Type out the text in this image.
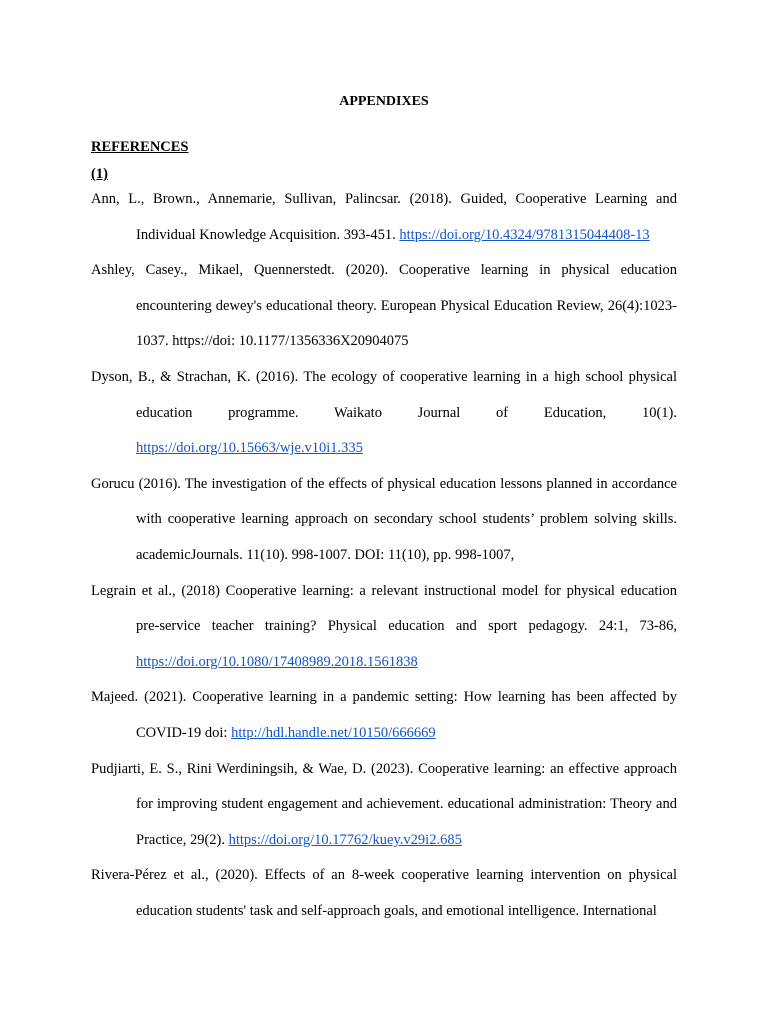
APPENDIXES
REFERENCES
(1)

Ann, L., Brown., Annemarie, Sullivan, Palincsar. (2018). Guided, Cooperative Learning and Individual Knowledge Acquisition. 393-451. https://doi.org/10.4324/9781315044408-13

Ashley, Casey., Mikael, Quennerstedt. (2020). Cooperative learning in physical education encountering dewey's educational theory. European Physical Education Review, 26(4):1023-1037. https://doi: 10.1177/1356336X20904075

Dyson, B., & Strachan, K. (2016). The ecology of cooperative learning in a high school physical education programme. Waikato Journal of Education, 10(1). https://doi.org/10.15663/wje.v10i1.335

Gorucu (2016). The investigation of the effects of physical education lessons planned in accordance with cooperative learning approach on secondary school students’ problem solving skills. academicJournals. 11(10). 998-1007. DOI: 11(10), pp. 998-1007,

Legrain et al., (2018) Cooperative learning: a relevant instructional model for physical education pre-service teacher training? Physical education and sport pedagogy. 24:1, 73-86, https://doi.org/10.1080/17408989.2018.1561838

Majeed. (2021). Cooperative learning in a pandemic setting: How learning has been affected by COVID-19 doi: http://hdl.handle.net/10150/666669

Pudjiarti, E. S., Rini Werdiningsih, & Wae, D. (2023). Cooperative learning: an effective approach for improving student engagement and achievement. educational administration: Theory and Practice, 29(2). https://doi.org/10.17762/kuey.v29i2.685

Rivera-Pérez et al., (2020). Effects of an 8-week cooperative learning intervention on physical education students' task and self-approach goals, and emotional intelligence. International
